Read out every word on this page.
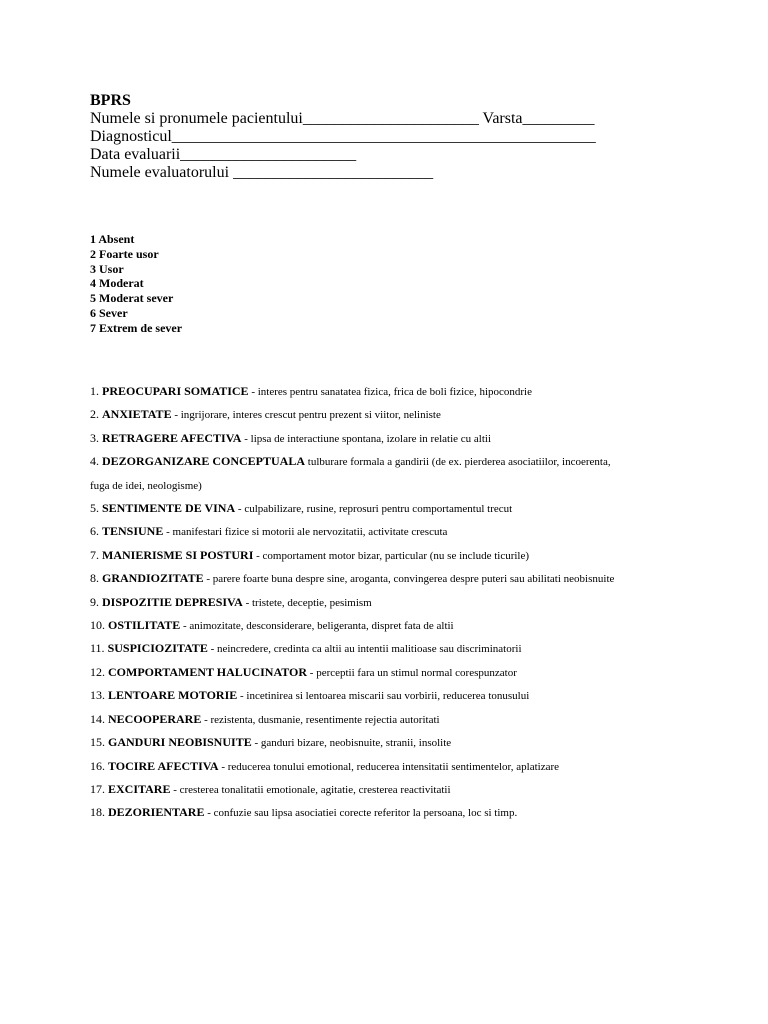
BPRS
Numele si pronumele pacientului______________________ Varsta_________
Diagnosticul_____________________________________________________
Data evaluarii______________________
Numele evaluatorului _________________________
1 Absent
2 Foarte usor
3 Usor
4 Moderat
5 Moderat sever
6 Sever
7 Extrem de sever

1. PREOCUPARI SOMATICE - interes pentru sanatatea fizica, frica de boli fizice, hipocondrie

2. ANXIETATE - ingrijorare, interes crescut pentru prezent si viitor, neliniste

3. RETRAGERE AFECTIVA - lipsa de interactiune spontana, izolare in relatie cu altii

4. DEZORGANIZARE CONCEPTUALA tulburare formala a gandirii (de ex. pierderea asociatiilor, incoerenta, fuga de idei, neologisme)

5. SENTIMENTE DE VINA - culpabilizare, rusine, reprosuri pentru comportamentul trecut

6. TENSIUNE - manifestari fizice si motorii ale nervozitatii, activitate crescuta

7. MANIERISME SI POSTURI - comportament motor bizar, particular (nu se include ticurile)

8. GRANDIOZITATE - parere foarte buna despre sine, aroganta, convingerea despre puteri sau abilitati neobisnuite

9. DISPOZITIE DEPRESIVA - tristete, deceptie, pesimism

10. OSTILITATE - animozitate, desconsiderare, beligeranta, dispret fata de altii

11. SUSPICIOZITATE - neincredere, credinta ca altii au intentii malitioase sau discriminatorii

12. COMPORTAMENT HALUCINATOR - perceptii fara un stimul normal corespunzator

13. LENTOARE MOTORIE - incetinirea si lentoarea miscarii sau vorbirii, reducerea tonusului

14. NECOOPERARE - rezistenta, dusmanie, resentimente rejectia autoritati

15. GANDURI NEOBISNUITE - ganduri bizare, neobisnuite, stranii, insolite

16. TOCIRE AFECTIVA - reducerea tonului emotional, reducerea intensitatii sentimentelor, aplatizare

17. EXCITARE - cresterea tonalitatii emotionale, agitatie, cresterea reactivitatii

18. DEZORIENTARE - confuzie sau lipsa asociatiei corecte referitor la persoana, loc si timp.
